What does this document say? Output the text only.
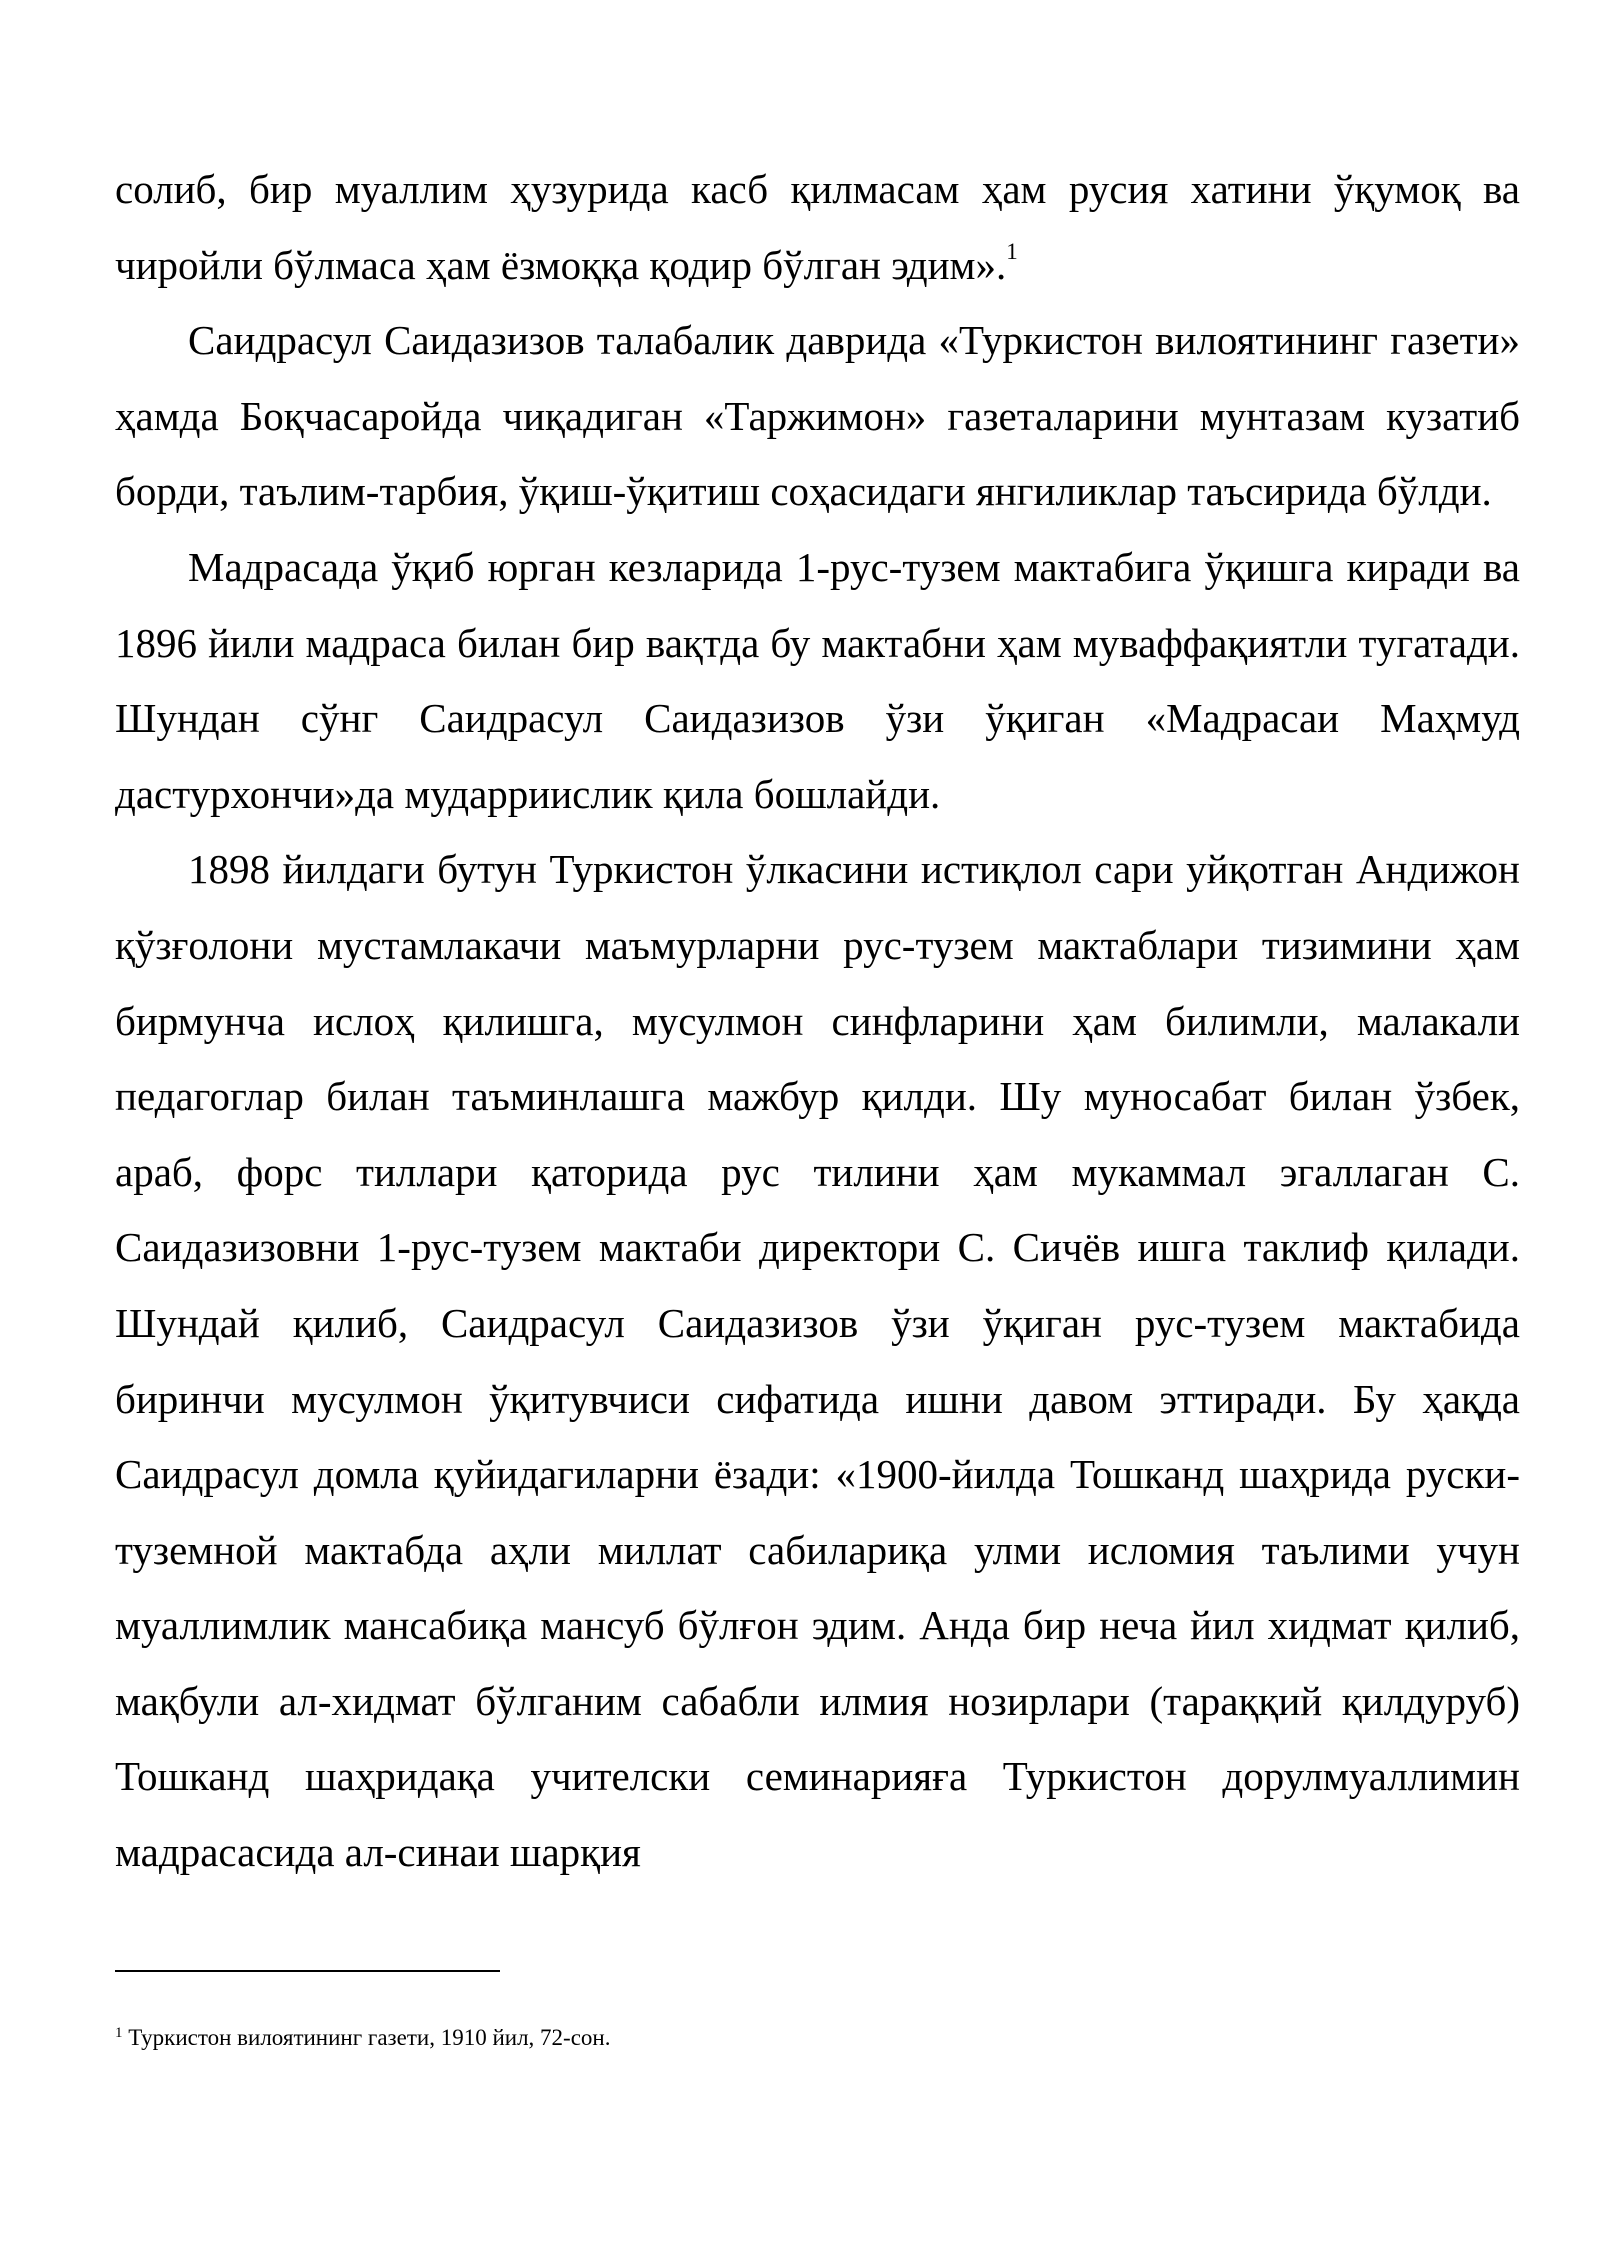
солиб, бир муаллим ҳузурида касб қилмасам ҳам русия хатини ўқумоқ ва чиройли бўлмаса ҳам ёзмоққа қодир бўлган эдим».$^1$

Саидрасул Саидазизов талабалик даврида «Туркистон вилоятининг газети» ҳамда Боқчасаройда чиқадиган «Таржимон» газеталарини мунтазам кузатиб борди, таълим-тарбия, ўқиш-ўқитиш соҳасидаги янгиликлар таъсирида бўлди.

Мадрасада ўқиб юрган кезларида 1-рус-тузем мактабига ўқишга киради ва 1896 йили мадраса билан бир вақтда бу мактабни ҳам муваффақиятли тугатади. Шундан сўнг Саидрасул Саидазизов ўзи ўқиган «Мадрасаи Маҳмуд дастурхончи»да мударриислик қила бошлайди.

1898 йилдаги бутун Туркистон ўлкасини истиқлол сари уйқотган Андижон қўзғолони мустамлакачи маъмурларни рус-тузем мактаблари тизимини ҳам бирмунча ислоҳ қилишга, мусулмон синфларини ҳам билимли, малакали педагоглар билан таъминлашга мажбур қилди. Шу муносабат билан ўзбек, араб, форс тиллари қаторида рус тилини ҳам мукаммал эгаллаган С. Саидазизовни 1-рус-тузем мактаби директори С. Сичёв ишга таклиф қилади. Шундай қилиб, Саидрасул Саидазизов ўзи ўқиган рус-тузем мактабида биринчи мусулмон ўқитувчиси сифатида ишни давом эттиради. Бу ҳақда Саидрасул домла қуйидагиларни ёзади: «1900-йилда Тошканд шаҳрида руски-туземной мактабда аҳли миллат сабилариқа улми исломия таълими учун муаллимлик мансабиқа мансуб бўлғон эдим. Анда бир неча йил хидмат қилиб, мақбули ал-хидмат бўлганим сабабли илмия нозирлари (тараққий қилдуруб) Тошканд шаҳридақа учителски семинарияға Туркистон дорулмуаллимин мадрасасида ал-синаи шарқия

$^1$ Туркистон вилоятининг газети, 1910 йил, 72-сон.
